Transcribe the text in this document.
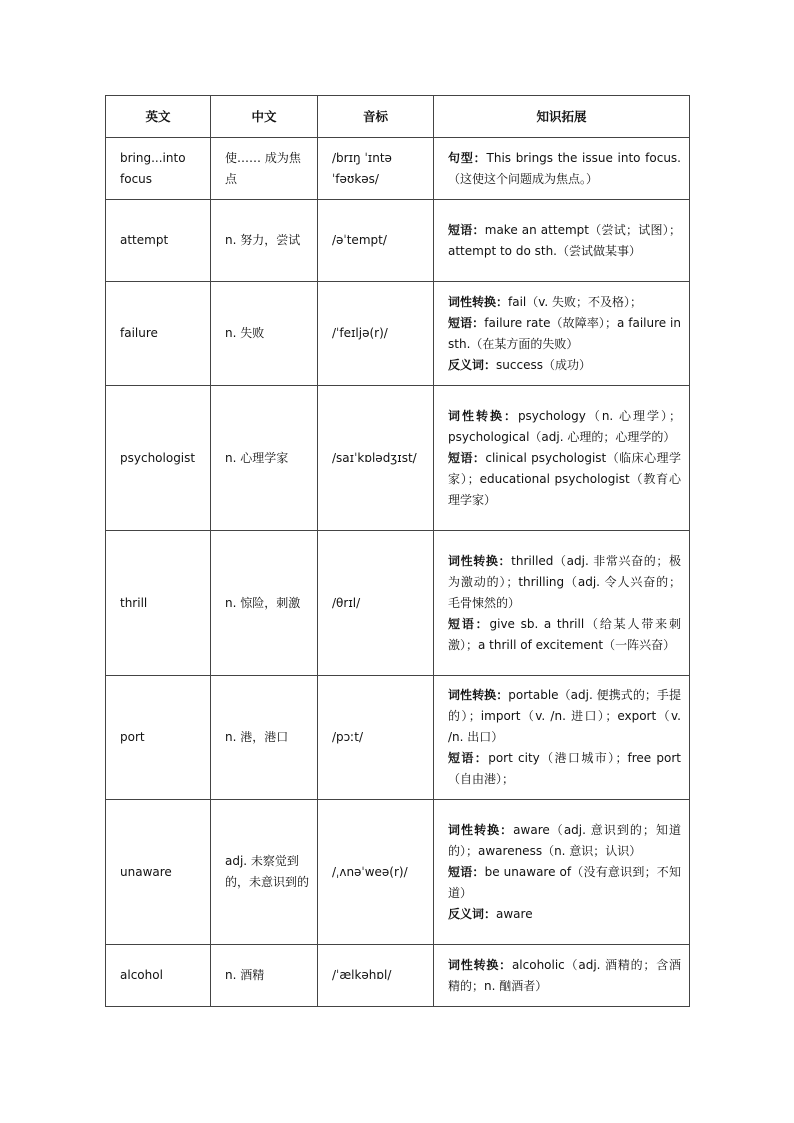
英文	中文	音标	知识拓展
bring...into focus	使…… 成为焦点	/brɪŋ ˈɪntə ˈfəʊkəs/	句型：This brings the issue into focus.（这使这个问题成为焦点。）

attempt	n. 努力，尝试	/əˈtempt/	短语：make an attempt（尝试；试图）；attempt to do sth.（尝试做某事）

failure	n. 失败	/ˈfeɪljə(r)/	词性转换：fail（v. 失败；不及格）；
短语：failure rate（故障率）；a failure in sth.（在某方面的失败）
反义词：success（成功）

psychologist	n. 心理学家	/saɪˈkɒlədʒɪst/	词性转换：psychology（n. 心理学）；psychological（adj. 心理的；心理学的）
短语：clinical psychologist（临床心理学家）；educational psychologist（教育心理学家）

thrill	n. 惊险，刺激	/θrɪl/	词性转换：thrilled（adj. 非常兴奋的；极为激动的）；thrilling（adj. 令人兴奋的；毛骨悚然的）
短语：give sb. a thrill（给某人带来刺激）；a thrill of excitement（一阵兴奋）

port	n. 港，港口	/pɔːt/	词性转换：portable（adj. 便携式的；手提的）；import（v. /n. 进口）；export（v. /n. 出口）
短语：port city（港口城市）；free port（自由港）；

unaware	adj. 未察觉到的，未意识到的	/ˌʌnəˈweə(r)/	词性转换：aware（adj. 意识到的；知道的）；awareness（n. 意识；认识）
短语：be unaware of（没有意识到；不知道）
反义词：aware

alcohol	n. 酒精	/ˈælkəhɒl/	词性转换：alcoholic（adj. 酒精的；含酒精的；n. 酗酒者）
